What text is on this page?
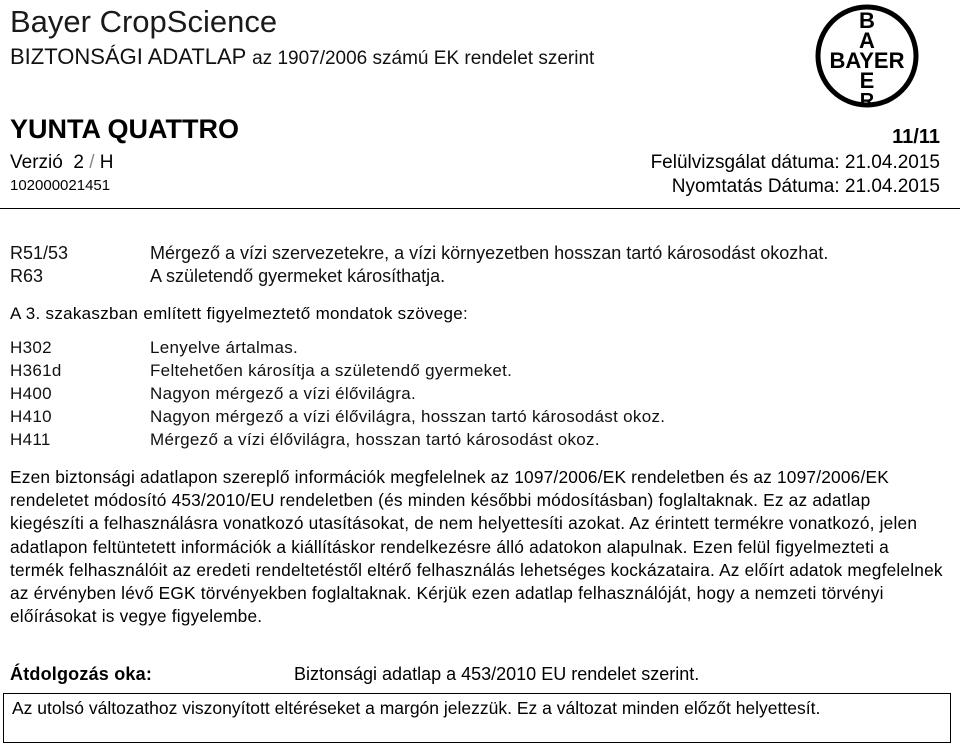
Bayer CropScience
BIZTONSÁGI ADATLAP az 1907/2006 számú EK rendelet szerint
B
A
BAYER
E
R
YUNTA QUATTRO	11/11
Verzió 2 / H	Felülvizsgálat dátuma: 21.04.2015
102000021451	Nyomtatás Dátuma: 21.04.2015
R51/53	Mérgező a vízi szervezetekre, a vízi környezetben hosszan tartó károsodást okozhat.
R63	A születendő gyermeket károsíthatja.
A 3. szakaszban említett figyelmeztető mondatok szövege:
H302	Lenyelve ártalmas.
H361d	Feltehetően károsítja a születendő gyermeket.
H400	Nagyon mérgező a vízi élővilágra.
H410	Nagyon mérgező a vízi élővilágra, hosszan tartó károsodást okoz.
H411	Mérgező a vízi élővilágra, hosszan tartó károsodást okoz.
Ezen biztonsági adatlapon szereplő információk megfelelnek az 1097/2006/EK rendeletben és az 1097/2006/EK rendeletet módosító 453/2010/EU rendeletben (és minden későbbi módosításban) foglaltaknak. Ez az adatlap kiegészíti a felhasználásra vonatkozó utasításokat, de nem helyettesíti azokat. Az érintett termékre vonatkozó, jelen adatlapon feltüntetett információk a kiállításkor rendelkezésre álló adatokon alapulnak. Ezen felül figyelmezteti a termék felhasználóit az eredeti rendeltetéstől eltérő felhasználás lehetséges kockázataira. Az előírt adatok megfelelnek az érvényben lévő EGK törvényekben foglaltaknak. Kérjük ezen adatlap felhasználóját, hogy a nemzeti törvényi előírásokat is vegye figyelembe.
Átdolgozás oka:	Biztonsági adatlap a 453/2010 EU rendelet szerint.
Az utolsó változathoz viszonyított eltéréseket a margón jelezzük. Ez a változat minden előzőt helyettesít.
